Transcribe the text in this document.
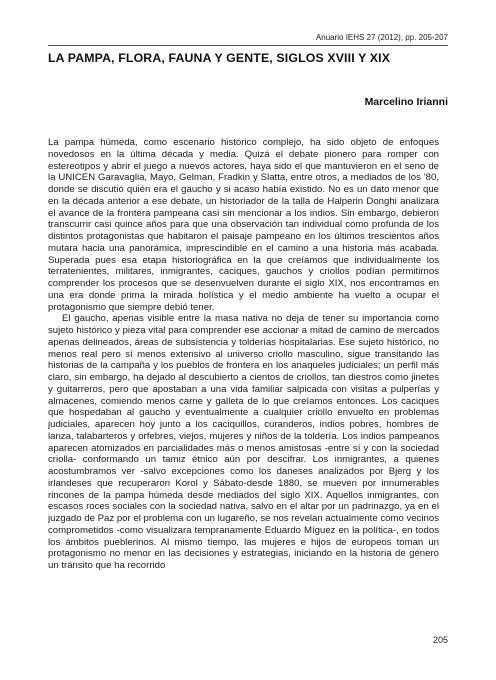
Anuario IEHS 27 (2012), pp. 205-207
LA PAMPA, FLORA, FAUNA Y GENTE, SIGLOS XVIII Y XIX
Marcelino Irianni

La pampa húmeda, como escenario histórico complejo, ha sido objeto de enfoques novedosos en la última década y media. Quizá el debate pionero para romper con estereotipos y abrir el juego a nuevos actores, haya sido el que mantuvieron en el seno de la UNICEN Garavaglia, Mayo, Gelman, Fradkin y Slatta, entre otros, a mediados de los '80, donde se discutió quién era el gaucho y si acaso había existido. No es un dato menor que en la década anterior a ese debate, un historiador de la talla de Halperin Donghi analizara el avance de la frontera pampeana casi sin mencionar a los indios. Sin embargo, debieron transcurrir casi quince años para que una observación tan individual como profunda de los distintos protagonistas que habitaron el paisaje pampeano en los últimos trescientos años mutara hacia una panorámica, imprescindible en el camino a una historia más acabada. Superada pues esa etapa historiográfica en la que creíamos que individualmente los terratenientes, militares, inmigrantes, caciques, gauchos y criollos podían permitirnos comprender los procesos que se desenvuelven durante el siglo XIX, nos encontramos en una era donde prima la mirada holística y el medio ambiente ha vuelto a ocupar el protagonismo que siempre debió tener.

El gaucho, apenas visible entre la masa nativa no deja de tener su importancia como sujeto histórico y pieza vital para comprender ese accionar a mitad de camino de mercados apenas delineados, áreas de subsistencia y tolderías hospitalarias. Ese sujeto histórico, no menos real pero sí menos extensivo al universo criollo masculino, sigue transitando las historias de la campaña y los pueblos de frontera en los anaqueles judiciales; un perfil más claro, sin embargo, ha dejado al descubierto a cientos de criollos, tan diestros como jinetes y guitarreros, pero que apostaban a una vida familiar salpicada con visitas a pulperías y almacenes, comiendo menos carne y galleta de lo que creíamos entonces. Los caciques que hospedaban al gaucho y eventualmente a cualquier criollo envuelto en problemas judiciales, aparecen hoy junto a los caciquillos, curanderos, indios pobres, hombres de lanza, talabarteros y orfebres, viejos, mujeres y niños de la toldería. Los indios pampeanos aparecen atomizados en parcialidades más o menos amistosas -entre sí y con la sociedad criolla- conformando un tamiz étnico aún por descifrar. Los inmigrantes, a quienes acostumbramos ver -salvo excepciones como los daneses analizados por Bjerg y los irlandeses que recuperaron Korol y Sábato-desde 1880, se mueven por innumerables rincones de la pampa húmeda desde mediados del siglo XIX. Aquellos inmigrantes, con escasos roces sociales con la sociedad nativa, salvo en el altar por un padrinazgo, ya en el juzgado de Paz por el problema con un lugareño, se nos revelan actualmente como vecinos comprometidos -como visualizara tempranamente Eduardo Míguez en la política-, en todos los ámbitos pueblerinos. Al mismo tiempo, las mujeres e hijos de europeos toman un protagonismo no menor en las decisiones y estrategias, iniciando en la historia de género un tránsito que ha recorrido

205
